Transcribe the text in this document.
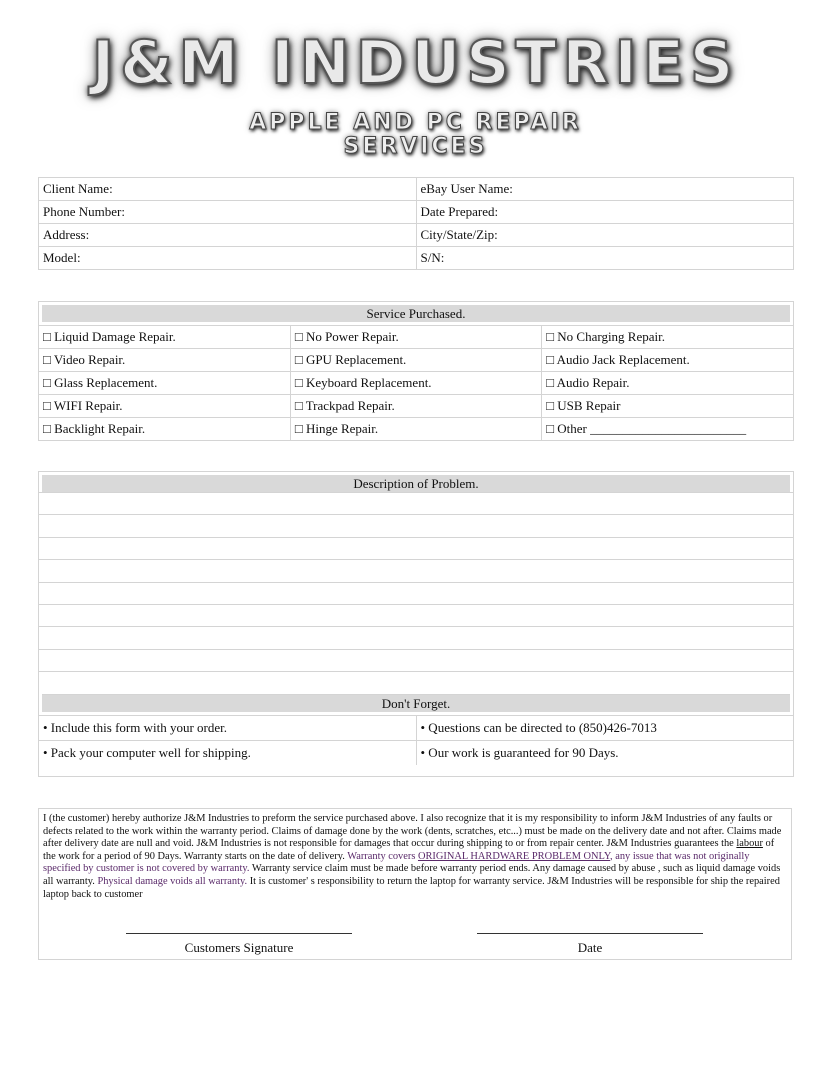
J&M INDUSTRIES
APPLE AND PC REPAIR
SERVICES
Client Name:	eBay User Name:
Phone Number:	Date Prepared:
Address:	City/State/Zip:
Model:	S/N:
Service Purchased.
□ Liquid Damage Repair.	□ No Power Repair.	□ No Charging Repair.
□ Video Repair.	□ GPU Replacement.	□ Audio Jack Replacement.
□ Glass Replacement.	□ Keyboard Replacement.	□ Audio Repair.
□ WIFI Repair.	□ Trackpad Repair.	□ USB Repair
□ Backlight Repair.	□ Hinge Repair.	□ Other ________________________
Description of Problem.
Don't Forget.
• Include this form with your order.	• Questions can be directed to (850)426-7013
• Pack your computer well for shipping.	• Our work is guaranteed for 90 Days.
I (the customer) hereby authorize J&M Industries to preform the service purchased above. I also recognize that it is my responsibility to inform J&M Industries of any faults or defects related to the work within the warranty period. Claims of damage done by the work (dents, scratches, etc...) must be made on the delivery date and not after. Claims made after delivery date are null and void. J&M Industries is not responsible for damages that occur during shipping to or from repair center. J&M Industries guarantees the labour of the work for a period of 90 Days. Warranty starts on the date of delivery. Warranty covers ORIGINAL HARDWARE PROBLEM ONLY, any issue that was not originally specified by customer is not covered by warranty. Warranty service claim must be made before warranty period ends. Any damage caused by abuse , such as liquid damage voids all warranty. Physical damage voids all warranty. It is customer' s responsibility to return the laptop for warranty service. J&M Industries will be responsible for ship the repaired laptop back to customer
Customers Signature	Date
